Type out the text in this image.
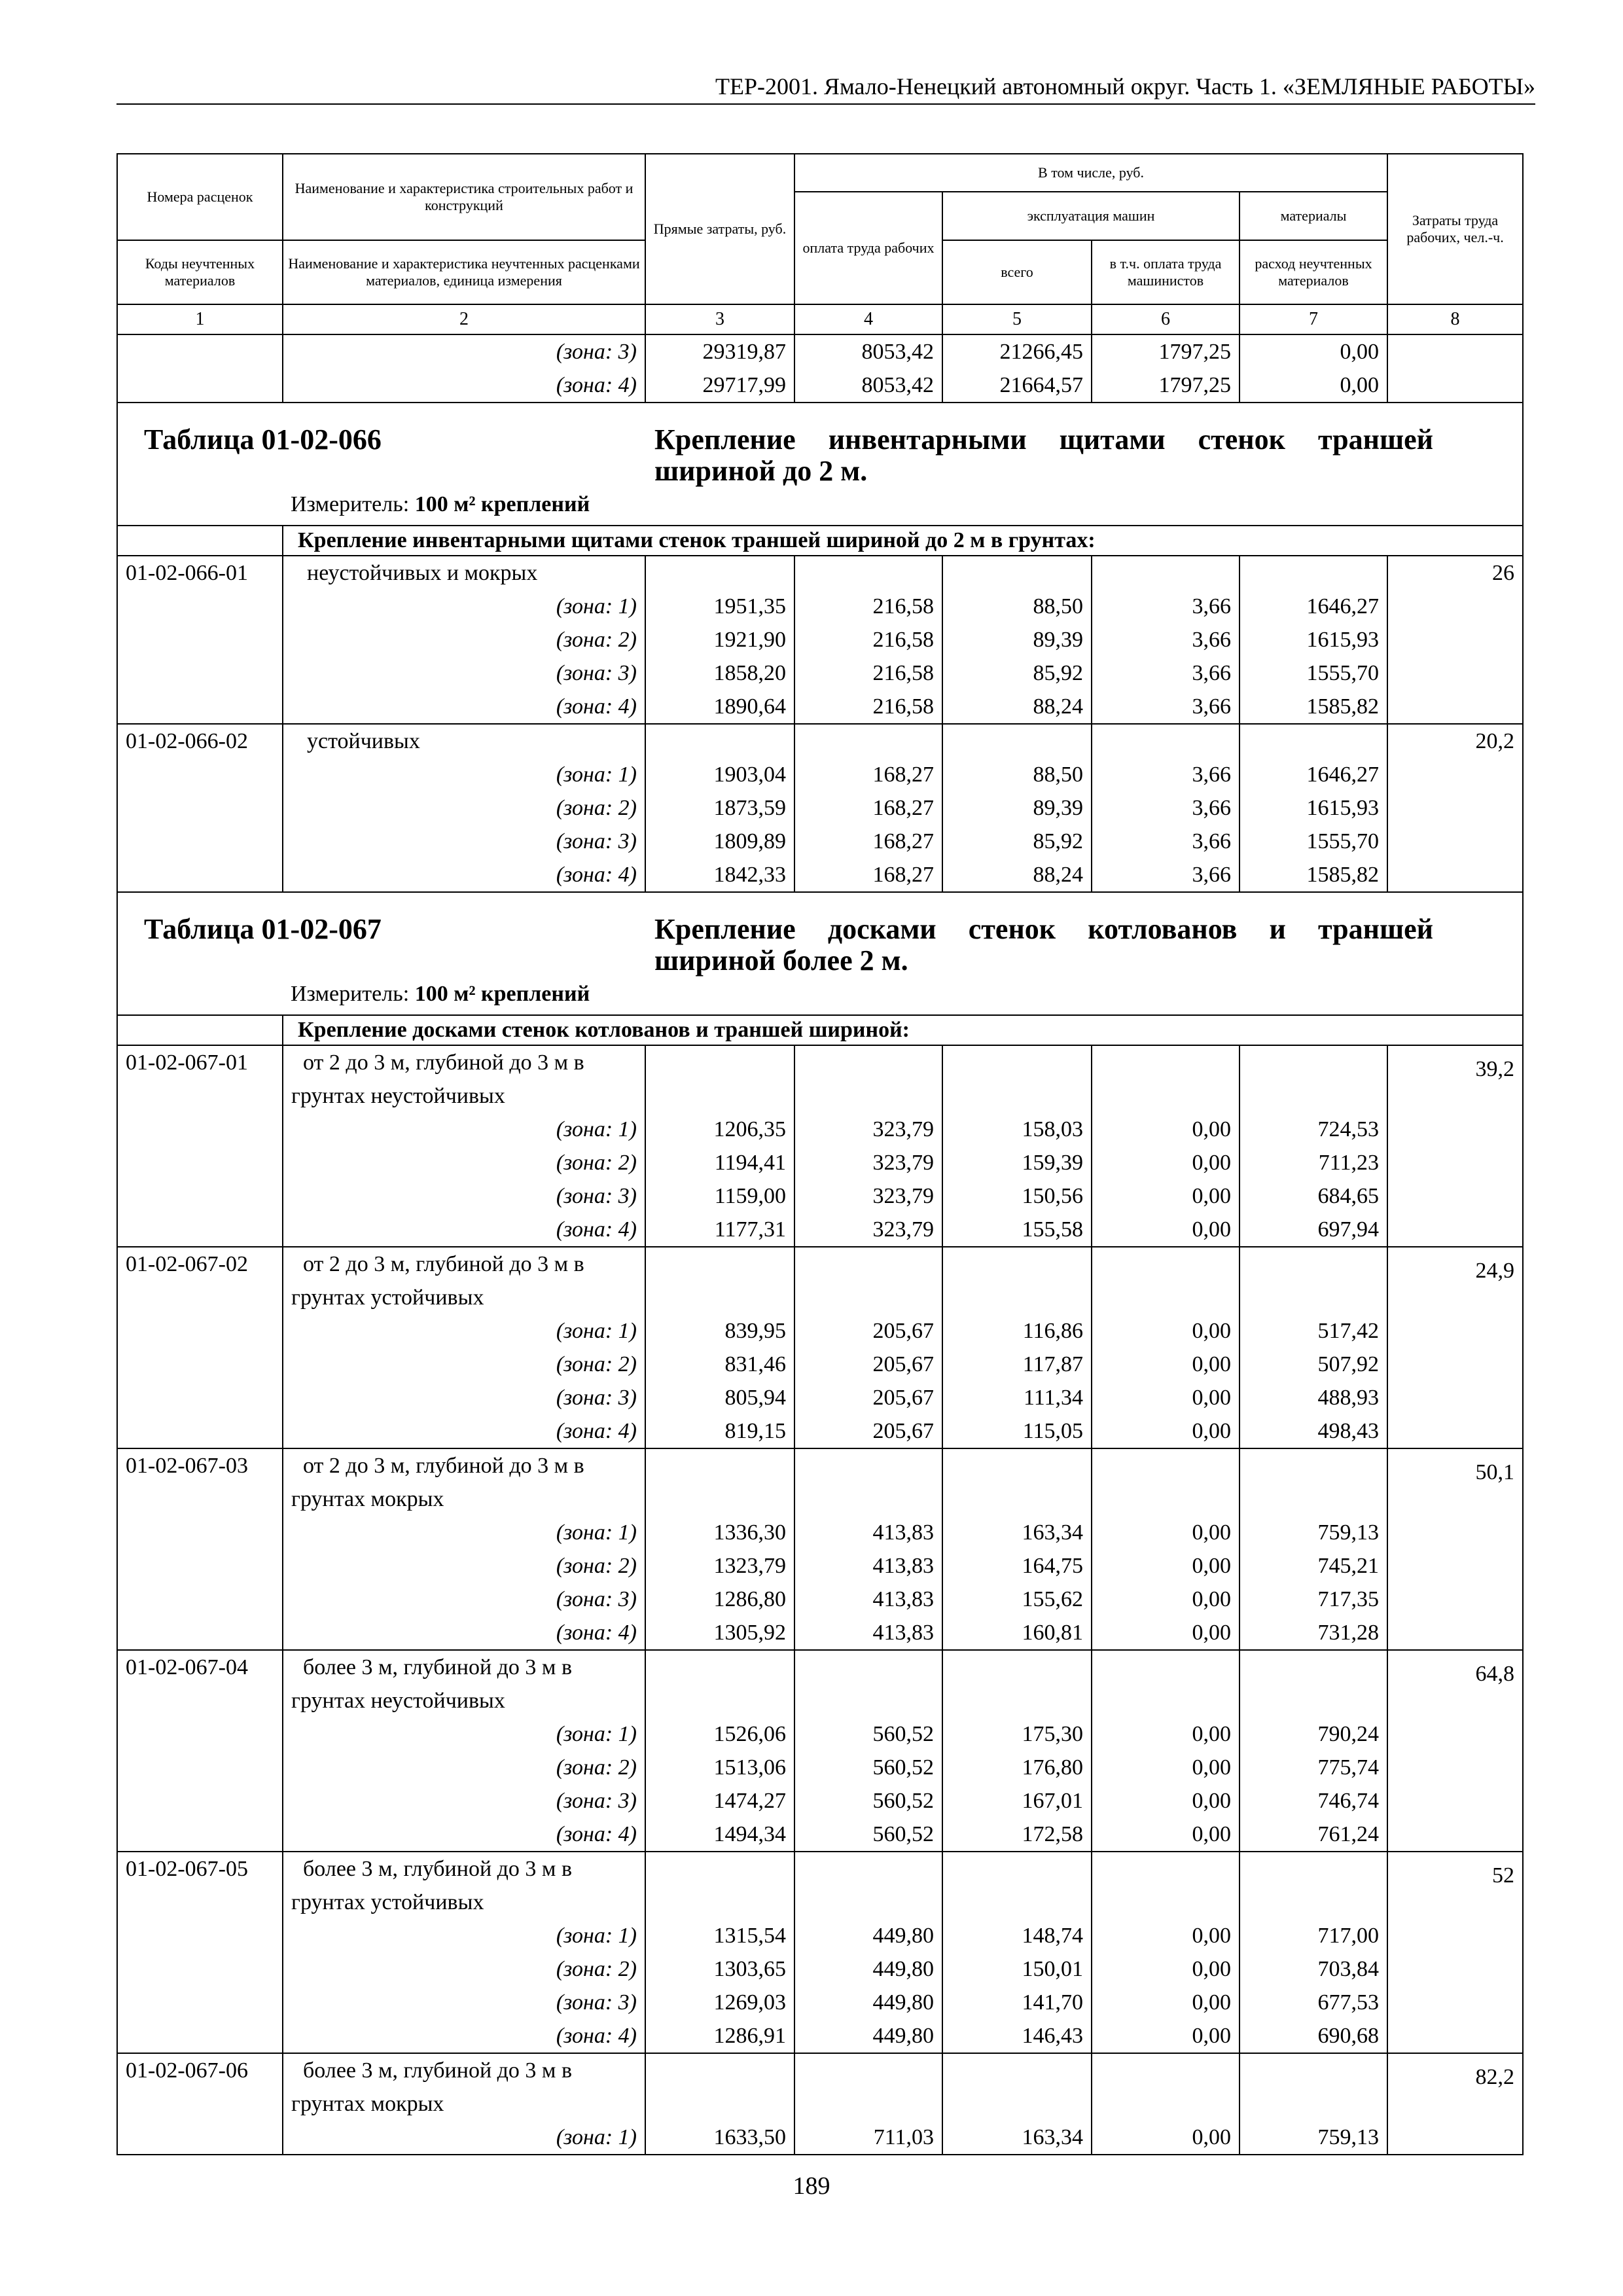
ТЕР-2001. Ямало-Ненецкий автономный округ. Часть 1. «ЗЕМЛЯНЫЕ РАБОТЫ»
Номера расценок	Наименование и характеристика строительных работ и конструкций	Прямые затраты, руб.	В том числе, руб.				Затраты труда рабочих, чел.-ч.
			оплата труда рабочих	эксплуатация машин		материалы	
Коды неучтенных материалов	Наименование и характеристика неучтенных расценками материалов, единица измерения			всего	в т.ч. оплата труда машинистов	расход неучтенных материалов	
1	2	3	4	5	6	7	8
	(зона: 3)	29319,87	8053,42	21266,45	1797,25	0,00	
	(зона: 4)	29717,99	8053,42	21664,57	1797,25	0,00	

Таблица 01-02-066 Крепление инвентарными щитами стенок траншей шириной до 2 м.
Измеритель: 100 м² креплений							

	Крепление инвентарными щитами стенок траншей шириной до 2 м в грунтах:						
01-02-066-01	неустойчивых и мокрых						26
	(зона: 1)	1951,35	216,58	88,50	3,66	1646,27	
	(зона: 2)	1921,90	216,58	89,39	3,66	1615,93	
	(зона: 3)	1858,20	216,58	85,92	3,66	1555,70	
	(зона: 4)	1890,64	216,58	88,24	3,66	1585,82	
01-02-066-02	устойчивых						20,2
	(зона: 1)	1903,04	168,27	88,50	3,66	1646,27	
	(зона: 2)	1873,59	168,27	89,39	3,66	1615,93	
	(зона: 3)	1809,89	168,27	85,92	3,66	1555,70	
	(зона: 4)	1842,33	168,27	88,24	3,66	1585,82	

Таблица 01-02-067 Крепление досками стенок котлованов и траншей шириной более 2 м.
Измеритель: 100 м² креплений							

	Крепление досками стенок котлованов и траншей шириной:						
01-02-067-01	от 2 до 3 м, глубиной до 3 м в грунтах неустойчивых						39,2
	(зона: 1)	1206,35	323,79	158,03	0,00	724,53	
	(зона: 2)	1194,41	323,79	159,39	0,00	711,23	
	(зона: 3)	1159,00	323,79	150,56	0,00	684,65	
	(зона: 4)	1177,31	323,79	155,58	0,00	697,94	
01-02-067-02	от 2 до 3 м, глубиной до 3 м в грунтах устойчивых						24,9
	(зона: 1)	839,95	205,67	116,86	0,00	517,42	
	(зона: 2)	831,46	205,67	117,87	0,00	507,92	
	(зона: 3)	805,94	205,67	111,34	0,00	488,93	
	(зона: 4)	819,15	205,67	115,05	0,00	498,43	
01-02-067-03	от 2 до 3 м, глубиной до 3 м в грунтах мокрых						50,1
	(зона: 1)	1336,30	413,83	163,34	0,00	759,13	
	(зона: 2)	1323,79	413,83	164,75	0,00	745,21	
	(зона: 3)	1286,80	413,83	155,62	0,00	717,35	
	(зона: 4)	1305,92	413,83	160,81	0,00	731,28	
01-02-067-04	более 3 м, глубиной до 3 м в грунтах неустойчивых						64,8
	(зона: 1)	1526,06	560,52	175,30	0,00	790,24	
	(зона: 2)	1513,06	560,52	176,80	0,00	775,74	
	(зона: 3)	1474,27	560,52	167,01	0,00	746,74	
	(зона: 4)	1494,34	560,52	172,58	0,00	761,24	
01-02-067-05	более 3 м, глубиной до 3 м в грунтах устойчивых						52
	(зона: 1)	1315,54	449,80	148,74	0,00	717,00	
	(зона: 2)	1303,65	449,80	150,01	0,00	703,84	
	(зона: 3)	1269,03	449,80	141,70	0,00	677,53	
	(зона: 4)	1286,91	449,80	146,43	0,00	690,68	
01-02-067-06	более 3 м, глубиной до 3 м в грунтах мокрых						82,2
	(зона: 1)	1633,50	711,03	163,34	0,00	759,13	
189
